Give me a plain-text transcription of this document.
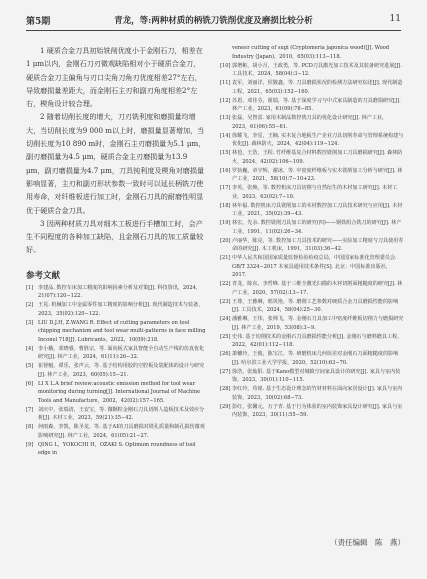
第5期	青龙，等:两种材质的柄铣刀铣削优度及磨损比较分析	11

1 硬质合金刀具初始铣削优度小于金刚石刀，相差在 1 μm以内，金刚石刀刃微观缺陷相对小于硬质合金刀，硬质合金刀主偏角与刃口尖角刀角刃优度相差27°左右，导致磨损量差距大，而金刚石主刃和副刃角度相差2°左右，楔角设计较合理。

2 随着切削长度的增大，刀刃铣利度和磨损量均增大，当切削长度为9 000 m以上时，磨损量显著增加，当切削长度为10 890 m时，金刚石主刃磨损量为5.1 μm，副刃磨损量为4.5 μm，硬质合金主刃磨损量为13.9 μm，副刃磨损量为4.7 μm，刀具钝利度及楔角对磨损量影响显著，主刃和副刃形状参数一致时可以延长柄铣刀使用寿命，对纤维板进行加工时，金刚石刀具的耐磨性明显优于硬质合金刀具。

3 因两种材质刀具对细木工板进行手槽加工时，会产生不同程度的各种加工缺陷，且金刚石刀具的加工质量较好。

参考文献
[1] 李建品. 数控车床加工精度的影响因素分析及对策[J]. 科技资讯，2024，21(07):120−122.
[2] 王晃. 机械加工中金属零件加工精度的影响分析[J]. 现代制造技术与装备，2023，35(02):120−122.
[3] LIU D.J.H, Z.WANG R. Effect of cutting parameters on tool chipping mechanism and tool wear multi-patterns in face milling Inconel 718[J]. Lubricants，2022，10(09):218.
[4] 李小娥，邓晓睿，曹胜宗，等. 面向板式家具智能全自动生产线的仿真优化研究[J]. 林产工业，2024，61(11):26−32.
[5] 崔督魁，谭乐，张声云，等. 基于结构用胶的空腔板及装配体的设计与研究[J]. 林产工业，2023，60(05):15−21.
[6] LI X L.A brief review:acoustic emission method for tool wear monitoring during turning[J]. International Journal of Machine Tools and Manufacture，2002，42(02):157−165.
[7] 刘庆中，张瑞清，王安宝，等. 微颗粒金刚石刀具切削人造板技术及效应分析[J]. 木材工业，2023，59(21):35−42.
[8] 何雨森，李凯，陈圣龙，等. 基于AI的刀具磨损对铣孔质量和制孔损伤微观影响研究[J]. 林产工业，2024，61(05):21−27.
[9] QING L，YOKOCHI H，OZAKI S. Optimum roundness of tool edge in
veneer cutting of sugi (Cryptomeria japonica wood)[J]. Wood Industry (Japan)，2010，65(03):113−118.
[10] 郭增彬，胡小月，王政勇，等. PCD刀具激光加工技术及其装备研究进展[J]. 工具技术，2024，58(04):3−12.
[11] 袁军，刘丽洋，侯敬鑫，等. 刀具磨损状况的检测方法研究综述[J]. 现代制造工程，2021，65(03):152−160.
[12] 苏恩，邓佳芬，翟瑞，等. 基于深度学习与中式家具制造的刀具磨损研究[J]. 林产工业，2023，61(09):78−85.
[13] 张磊，吴智雷. 家用木制品数控铣刀具的优化设计研究[J]. 林产工业，2023，61(06):55−61.
[14] 徐耀飞，李星，王楠. 实木复合地板生产企业刀具切削寿命与管理系统构建与优化[J]. 森林防火，2024，42(04):119−124.
[15] 林苞，王浩，王程. 竹纤维基复合材料数控铣削加工刀具磨损研究[J]. 森林防火，2024，42(02):106−109.
[16] 罗执巍，章宇辉，谢冰，等. 中密度纤维板与实木铣削加工分析与研究[J]. 林产工业，2021，58(10):7−10+23.
[17] 李英，张焕，等. 数控机床刀具切削与自然衍生的木材加工研究[J]. 木材工业，2023，63(02):7−10.
[18] 林年福. 数控机床刀具铣削加工的木材数控加工刀具技术研究与应用[J]. 木材工业，2021，35(02):39−43.
[19] 林宏，先余. 数控铣削刀具加工的研究(四)——钢铁组合铣刀的研究[J]. 林产工业，1991，11(02):26−34.
[20] 卢丽华，陈亮，等. 数控加工刀具技术的研究——实验加工精度与刀具使用寿命的研究[J]. 木工机床，1991，31(03):36−42.
[21] 中华人民共和国国家质量监督检验检疫总局，中国国家标准化管理委员会. GB/T 3324−2017 木家具通用技术条件[S]. 北京：中国标准出版社，2017.
[22] 青龙，陈东，李哲峰. 基于三维全激光扫描的木材切削面粗糙度的研究[J]. 林产工业，2020，57(02):13−17.
[23] 王尊，王雅琳，邢英艳，等. 磨削工艺参数对硬质合金刀具磨损性能的影响[J]. 工具技术，2024，58(04):25−30.
[24] 潘雅琳，王伟，张帅飞，等. 金刚石刀具加工中密度纤维板切削力与磨损研究[J]. 林产工业，2019，53(08):3−9.
[25] 史伟. 基于切削技术的金刚石刀具磨损性能分析[J]. 金刚石与磨料磨具工程，2022，42(01):112−118.
[26] 萧穗玲，王俊，陈宝江，等. 研磨机床几何误差对金刚石刀面粗糙度的影响[J]. 哈尔滨工业大学学报，2020，52(10):63−70.
[27] 徐浩，张灿阳. 基于Kano模型对城镇空间家具设计的研究[J]. 家具与室内装饰，2023，30(01):110−115.
[28] 李红玲，苟铭. 基于生态设计理念的竹材材料在面向家居设计[J]. 家具与室内装饰，2023，30(02):68−73.
[29] 彭红，张馨元，万子青. 基于行为体验的室内装饰家具设计研究[J]. 家具与室内装饰，2023，30(11):55−59.
（责任编辑　陈　燕）
